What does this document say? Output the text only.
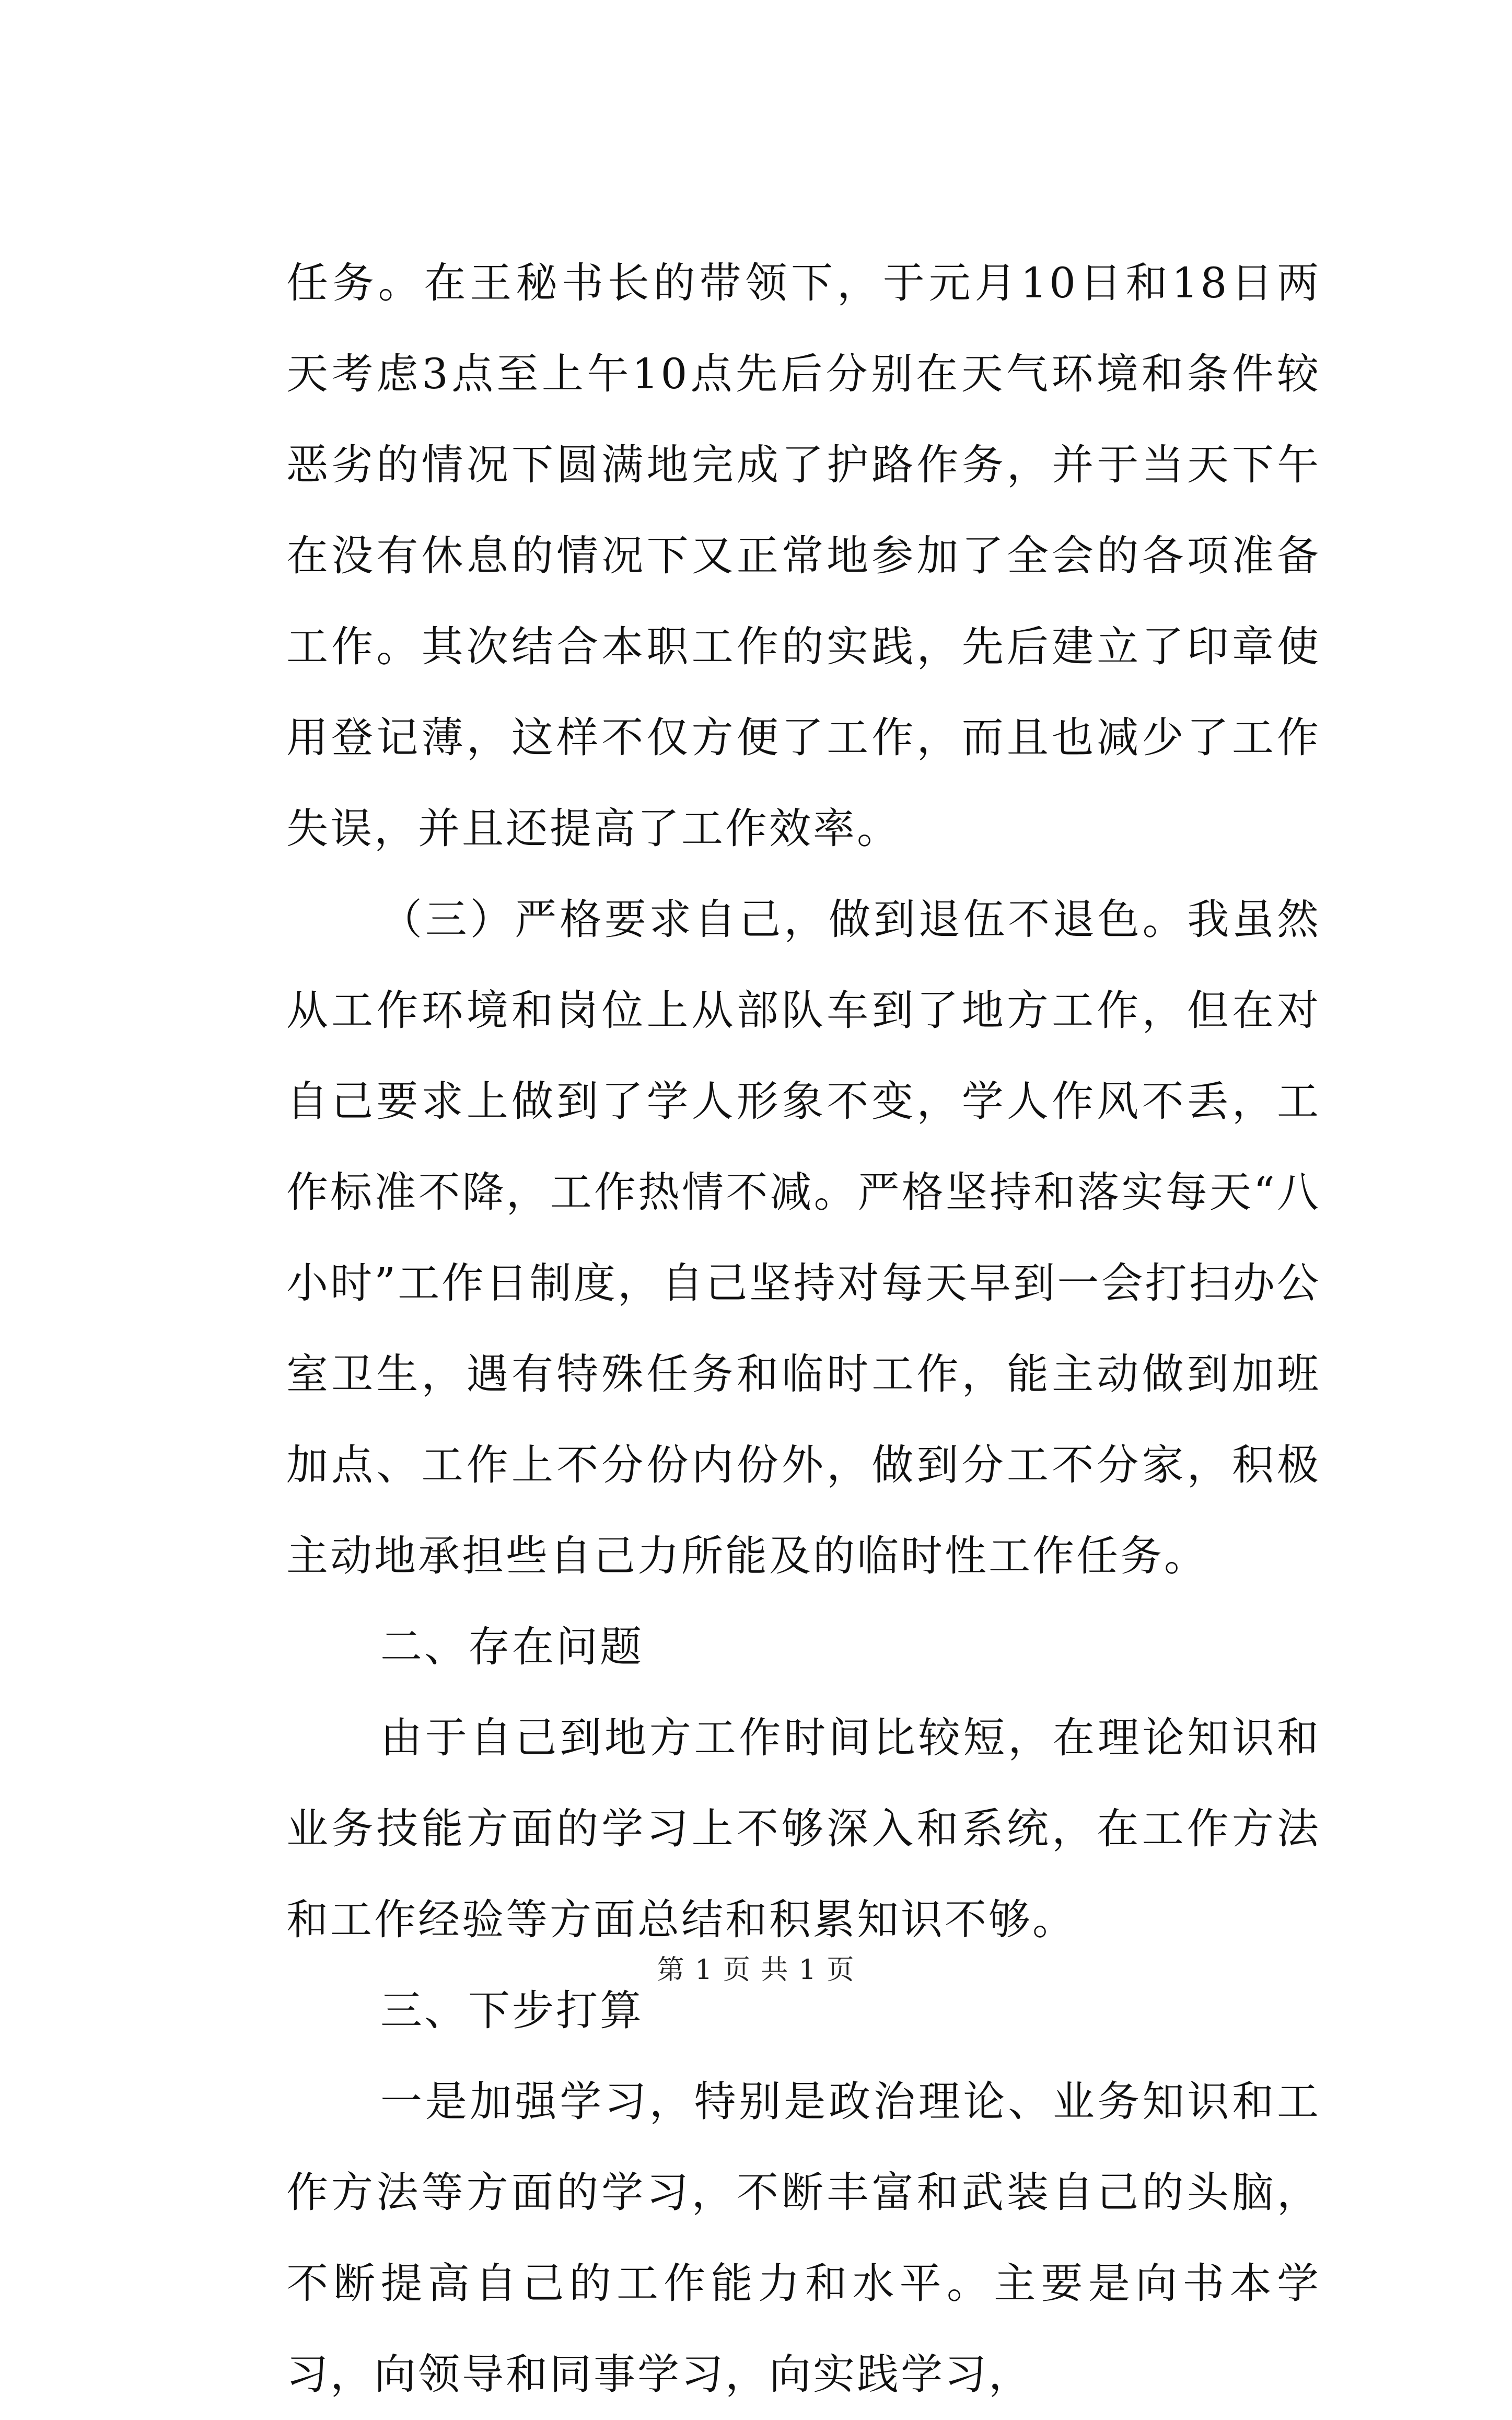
任务。在王秘书长的带领下，于元月10日和18日两天考虑3点至上午10点先后分别在天气环境和条件较恶劣的情况下圆满地完成了护路作务，并于当天下午在没有休息的情况下又正常地参加了全会的各项准备工作。其次结合本职工作的实践，先后建立了印章使用登记薄，这样不仅方便了工作，而且也减少了工作失误，并且还提高了工作效率。

（三）严格要求自己，做到退伍不退色。我虽然从工作环境和岗位上从部队车到了地方工作，但在对自己要求上做到了学人形象不变，学人作风不丢，工作标准不降，工作热情不减。严格坚持和落实每天“八小时”工作日制度，自己坚持对每天早到一会打扫办公室卫生，遇有特殊任务和临时工作，能主动做到加班加点、工作上不分份内份外，做到分工不分家，积极主动地承担些自己力所能及的临时性工作任务。

二、存在问题

由于自己到地方工作时间比较短，在理论知识和业务技能方面的学习上不够深入和系统，在工作方法和工作经验等方面总结和积累知识不够。

三、下步打算

一是加强学习，特别是政治理论、业务知识和工作方法等方面的学习，不断丰富和武装自己的头脑，不断提高自己的工作能力和水平。主要是向书本学习，向领导和同事学习，向实践学习，

第 1 页 共 1 页
